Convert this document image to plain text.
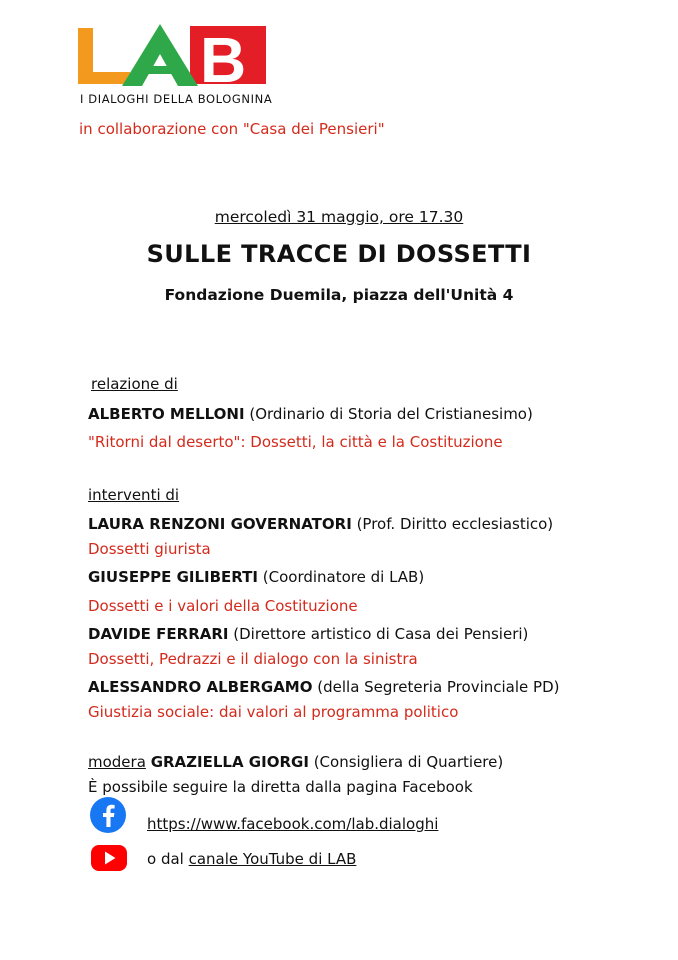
B
LAB
I DIALOGHI DELLA BOLOGNINA
in collaborazione con "Casa dei Pensieri"
mercoledì 31 maggio, ore 17.30
SULLE TRACCE DI DOSSETTI
Fondazione Duemila, piazza dell'Unità 4
relazione di
ALBERTO MELLONI (Ordinario di Storia del Cristianesimo)
"Ritorni dal deserto": Dossetti, la città e la Costituzione
interventi di
LAURA RENZONI GOVERNATORI (Prof. Diritto ecclesiastico)
Dossetti giurista
GIUSEPPE GILIBERTI (Coordinatore di LAB)
Dossetti e i valori della Costituzione
DAVIDE FERRARI (Direttore artistico di Casa dei Pensieri)
Dossetti, Pedrazzi e il dialogo con la sinistra
ALESSANDRO ALBERGAMO (della Segreteria Provinciale PD)
Giustizia sociale: dai valori al programma politico
modera GRAZIELLA GIORGI (Consigliera di Quartiere)
È possibile seguire la diretta dalla pagina Facebook
https://www.facebook.com/lab.dialoghi
o dal canale YouTube di LAB
